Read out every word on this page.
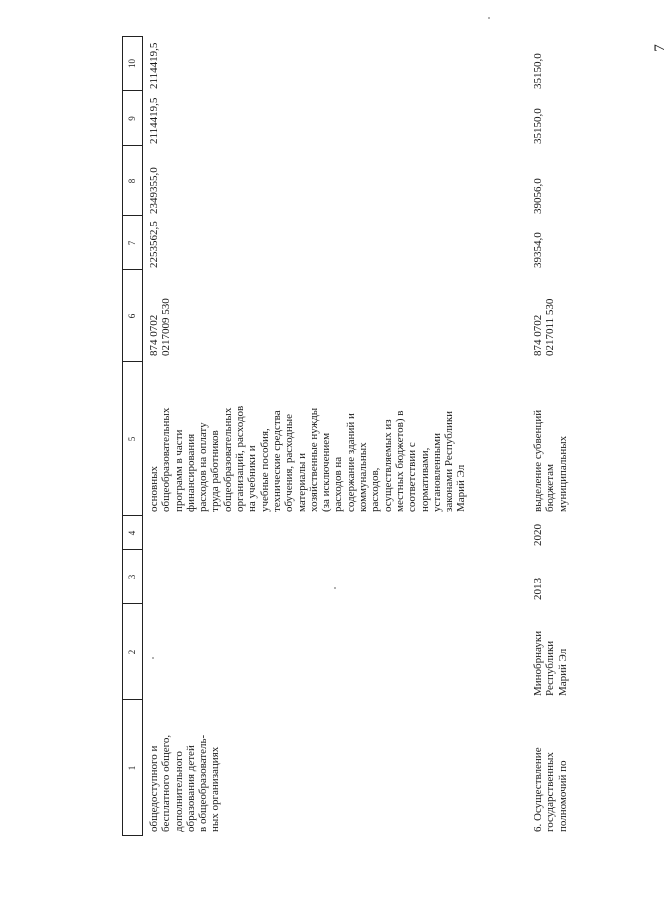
7
1
2
3
4
5
6
7
8
9
10
общедоступного и бесплатного общего, дополнительного образования детей в общеобразователь- ных организациях
основных общеобразовательных программ в части финансирования расходов на оплату труда работников общеобразовательных организаций, расходов на учебники и учебные пособия, технические средства обучения, расходные материалы и хозяйственные нужды (за исключением расходов на содержание зданий и коммунальных расходов, осуществляемых из местных бюджетов) в соответствии с нормативами, установленными законами Республики Марий Эл
874 0702 0217009 530
2253562,5
2349355,0
2114419,5
2114419,5
6. Осуществление государственных полномочий по
Минобрнауки Республики Марий Эл
2013
2020
выделение субвенций бюджетам муниципальных
874 0702 0217011 530
39354,0
39056,0
35150,0
35150,0
